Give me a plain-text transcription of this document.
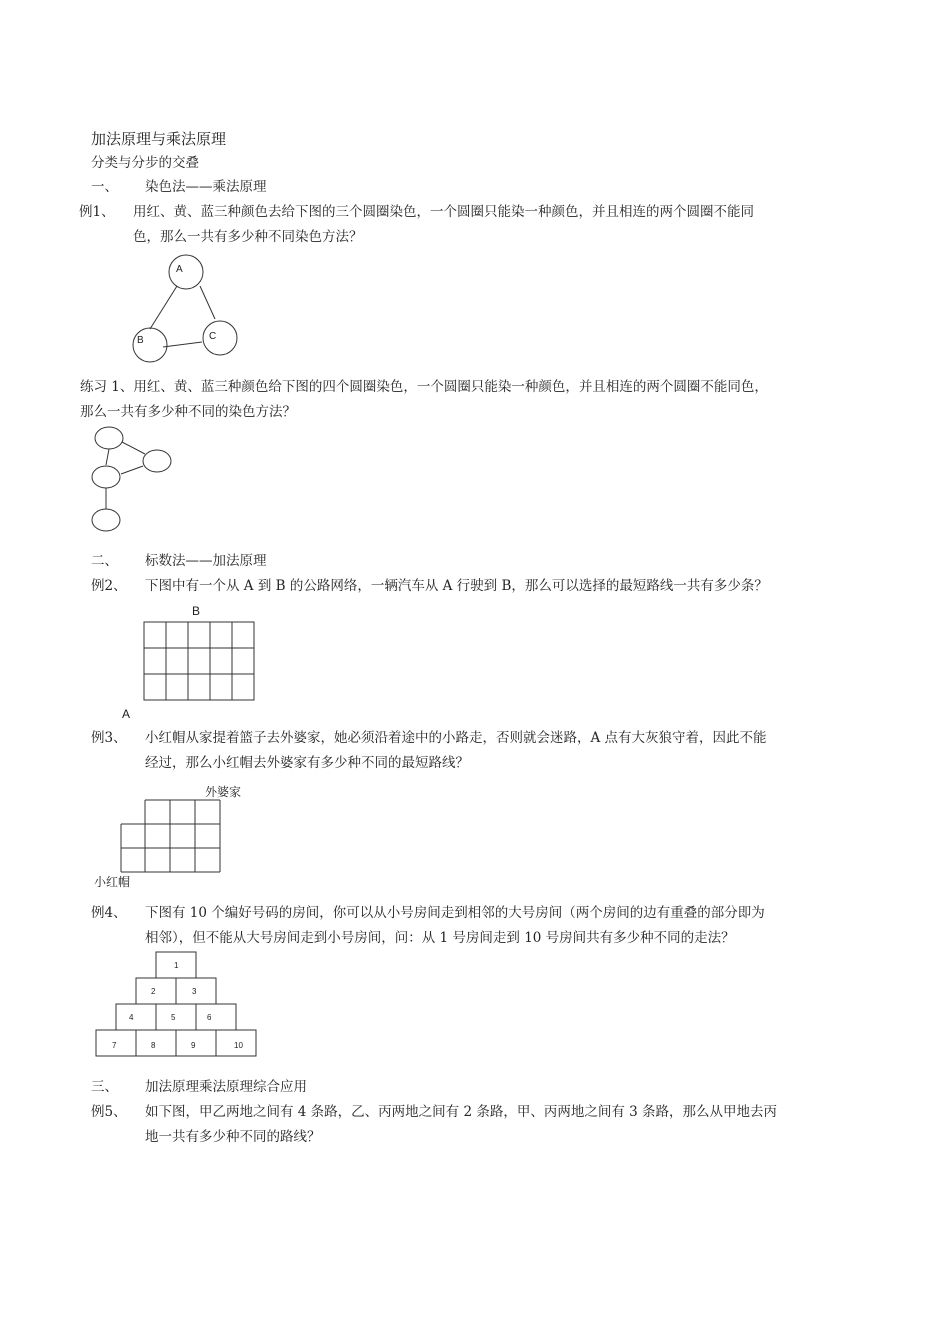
加法原理与乘法原理
分类与分步的交叠
一、 染色法——乘法原理
例1、 用红、黄、蓝三种颜色去给下图的三个圆圈染色，一个圆圈只能染一种颜色，并且相连的两个圆圈不能同
色，那么一共有多少种不同染色方法？
A
B	C
练习 1、用红、黄、蓝三种颜色给下图的四个圆圈染色，一个圆圈只能染一种颜色，并且相连的两个圆圈不能同色，
那么一共有多少种不同的染色方法？
二、 标数法——加法原理
例2、 下图中有一个从 A 到 B 的公路网络，一辆汽车从 A 行驶到 B，那么可以选择的最短路线一共有多少条？
B
A
例3、 小红帽从家提着篮子去外婆家，她必须沿着途中的小路走，否则就会迷路，A 点有大灰狼守着，因此不能
经过，那么小红帽去外婆家有多少种不同的最短路线？
外婆家
小红帽
例4、 下图有 10 个编好号码的房间，你可以从小号房间走到相邻的大号房间（两个房间的边有重叠的部分即为
相邻），但不能从大号房间走到小号房间，问：从 1 号房间走到 10 号房间共有多少种不同的走法？
1
2	3
4	5	6
7	8	9	10
三、 加法原理乘法原理综合应用
例5、 如下图，甲乙两地之间有 4 条路，乙、丙两地之间有 2 条路，甲、丙两地之间有 3 条路，那么从甲地去丙
地一共有多少种不同的路线？
